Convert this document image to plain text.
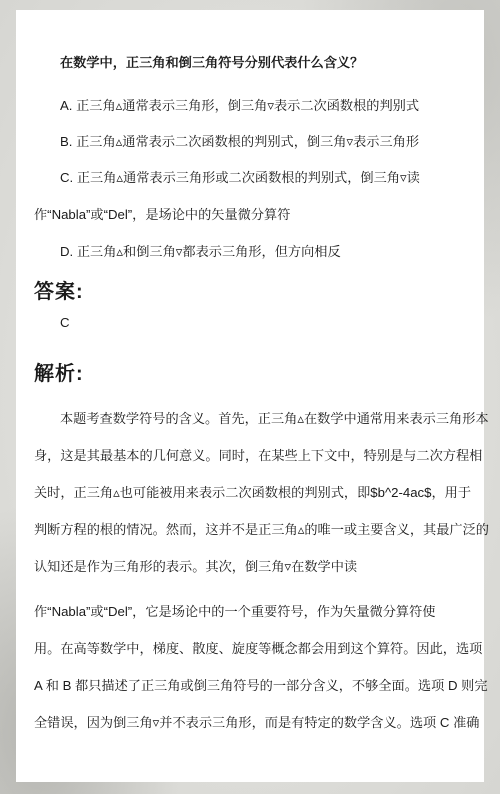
在数学中，正三角和倒三角符号分别代表什么含义？

A. 正三角▵通常表示三角形，倒三角▿表示二次函数根的判别式
B. 正三角▵通常表示二次函数根的判别式，倒三角▿表示三角形
C. 正三角▵通常表示三角形或二次函数根的判别式，倒三角▿读
作“Nabla”或“Del”，是场论中的矢量微分算符
D. 正三角▵和倒三角▿都表示三角形，但方向相反
答案:
C
解析:
本题考查数学符号的含义。首先，正三角▵在数学中通常用来表示三角形本
身，这是其最基本的几何意义。同时，在某些上下文中，特别是与二次方程相
关时，正三角▵也可能被用来表示二次函数根的判别式，即$b^2-4ac$，用于
判断方程的根的情况。然而，这并不是正三角▵的唯一或主要含义，其最广泛的
认知还是作为三角形的表示。其次，倒三角▿在数学中读
作“Nabla”或“Del”，它是场论中的一个重要符号，作为矢量微分算符使
用。在高等数学中，梯度、散度、旋度等概念都会用到这个算符。因此，选项
A 和 B 都只描述了正三角或倒三角符号的一部分含义，不够全面。选项 D 则完
全错误，因为倒三角▿并不表示三角形，而是有特定的数学含义。选项 C 准确
